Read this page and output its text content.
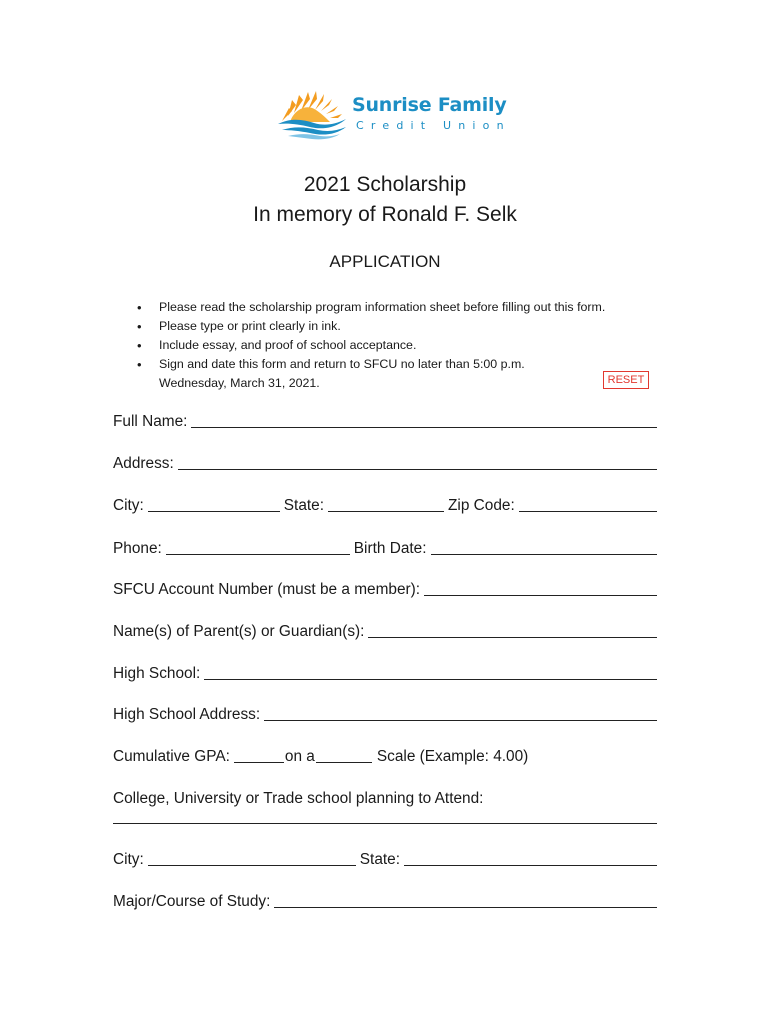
Sunrise Family
Credit Union
2021 Scholarship
In memory of Ronald F. Selk
APPLICATION
• Please read the scholarship program information sheet before filling out this form.
• Please type or print clearly in ink.
• Include essay, and proof of school acceptance.
• Sign and date this form and return to SFCU no later than 5:00 p.m.
Wednesday, March 31, 2021.	RESET
Full Name:
Address:
City:	State:	Zip Code:
Phone:	Birth Date:
SFCU Account Number (must be a member):
Name(s) of Parent(s) or Guardian(s):
High School:
High School Address:
Cumulative GPA:	on a	Scale (Example: 4.00)
College, University or Trade school planning to Attend:
City:	State:
Major/Course of Study:
